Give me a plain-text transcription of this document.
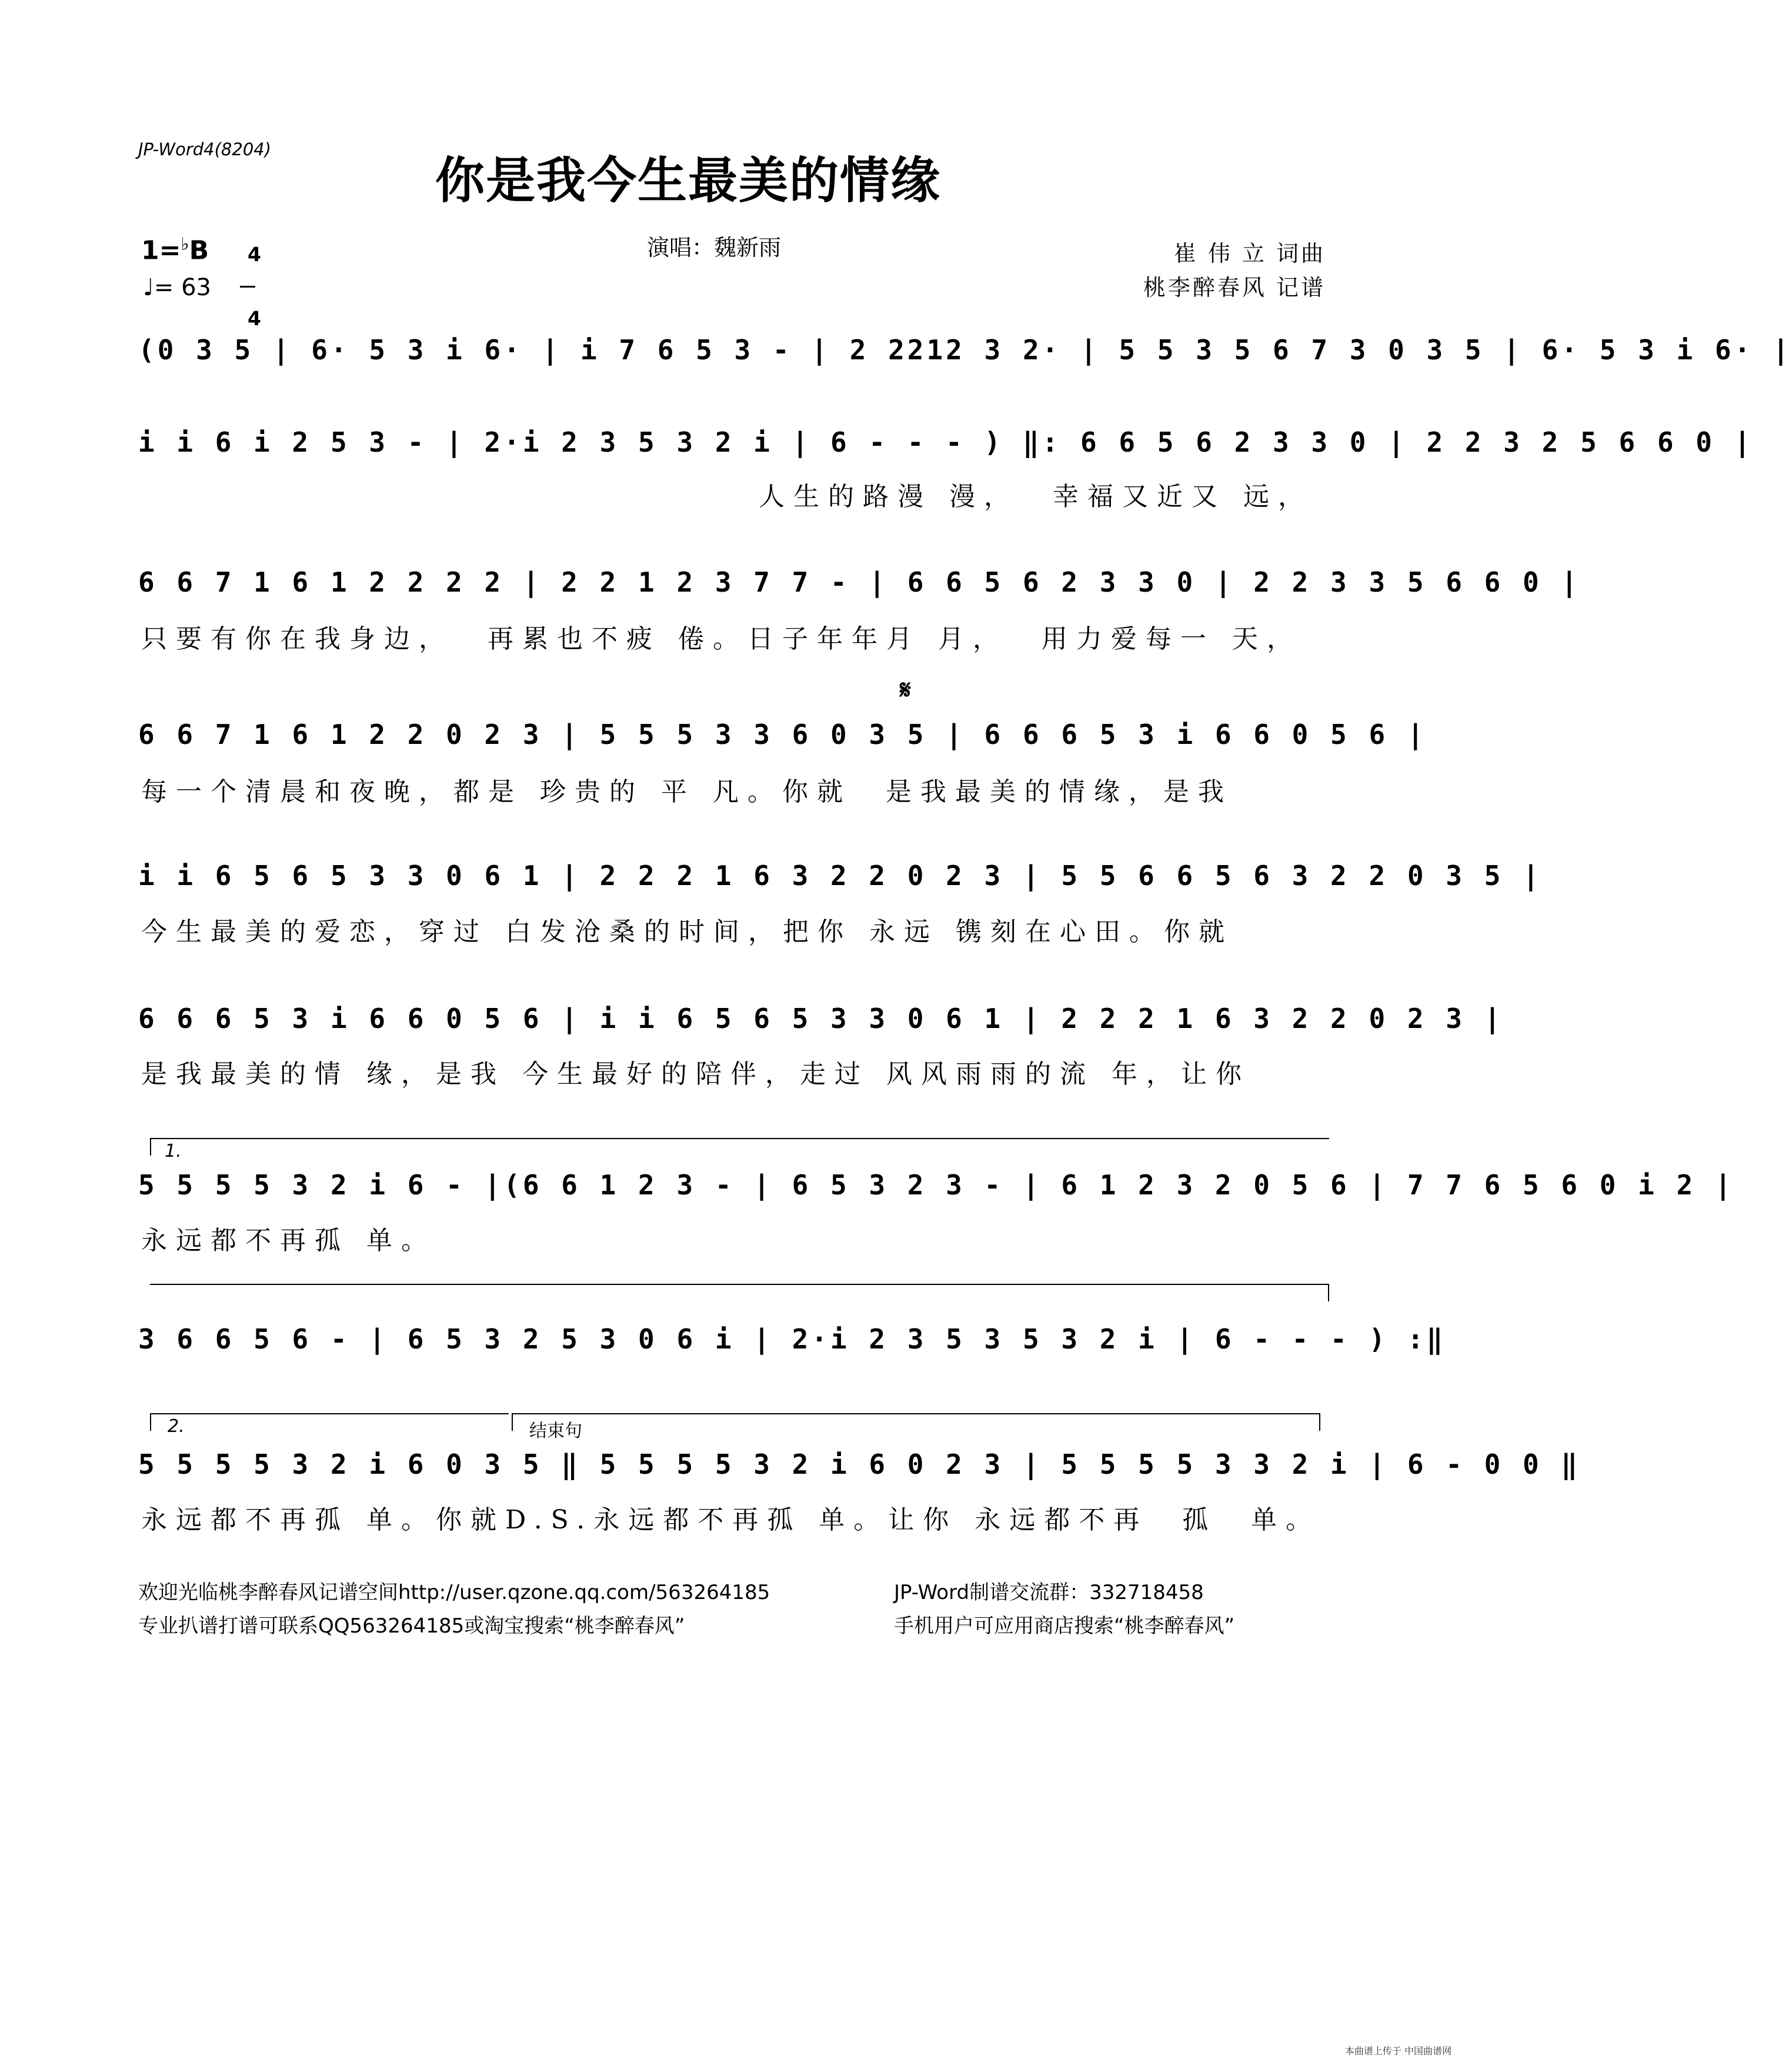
JP-Word4(8204)
你是我今生最美的情缘
1=♭B	4

4

♩= 63
演唱：魏新雨	崔 伟 立 词曲
桃李醉春风 记谱
(0 3 5 | 6· 5 3 i 6· | i 7 6 5 3 - | 2 2212 3 2· | 5 5 3 5 6 7 3 0 3 5 | 6· 5 3 i 6· |
i i 6 i 2 5 3 - | 2·i 2 3 5 3 2 i | 6 - - - ) ‖: 6 6 5 6 2 3 3 0 | 2 2 3 2 5 6 6 0 |
人生的路漫 漫，  幸福又近又 远，
6 6 7 1 6 1 2 2 2 2 | 2 2 1 2 3 7 7 - | 6 6 5 6 2 3 3 0 | 2 2 3 3 5 6 6 0 |
只要有你在我身边，  再累也不疲 倦。日子年年月 月，  用力爱每一 天，
𝄋
6 6 7 1 6 1 2 2 0 2 3 | 5 5 5 3 3 6 0 3 5 | 6 6 6 5 3 i 6 6 0 5 6 |
每一个清晨和夜晚，都是 珍贵的 平 凡。你就  是我最美的情缘，是我
i i 6 5 6 5 3 3 0 6 1 | 2 2 2 1 6 3 2 2 0 2 3 | 5 5 6 6 5 6 3 2 2 0 3 5 |
今生最美的爱恋，穿过 白发沧桑的时间，把你 永远 镌刻在心田。你就
6 6 6 5 3 i 6 6 0 5 6 | i i 6 5 6 5 3 3 0 6 1 | 2 2 2 1 6 3 2 2 0 2 3 |
是我最美的情 缘，是我 今生最好的陪伴，走过 风风雨雨的流 年，让你
1.
5 5 5 5 3 2 i 6 - |(6 6 1 2 3 - | 6 5 3 2 3 - | 6 1 2 3 2 0 5 6 | 7 7 6 5 6 0 i 2 |
永远都不再孤 单。
3 6 6 5 6 - | 6 5 3 2 5 3 0 6 i | 2·i 2 3 5 3 5 3 2 i | 6 - - - ) :‖
2.	结束句
5 5 5 5 3 2 i 6 0 3 5 ‖ 5 5 5 5 3 2 i 6 0 2 3 | 5 5 5 5 3 3 2 i | 6 - 0 0 ‖
永远都不再孤 单。你就D.S.永远都不再孤 单。让你 永远都不再  孤  单。
欢迎光临桃李醉春风记谱空间http://user.qzone.qq.com/563264185	JP-Word制谱交流群：332718458
专业扒谱打谱可联系QQ563264185或淘宝搜索“桃李醉春风”	手机用户可应用商店搜索“桃李醉春风”
本曲谱上传于 中国曲谱网
